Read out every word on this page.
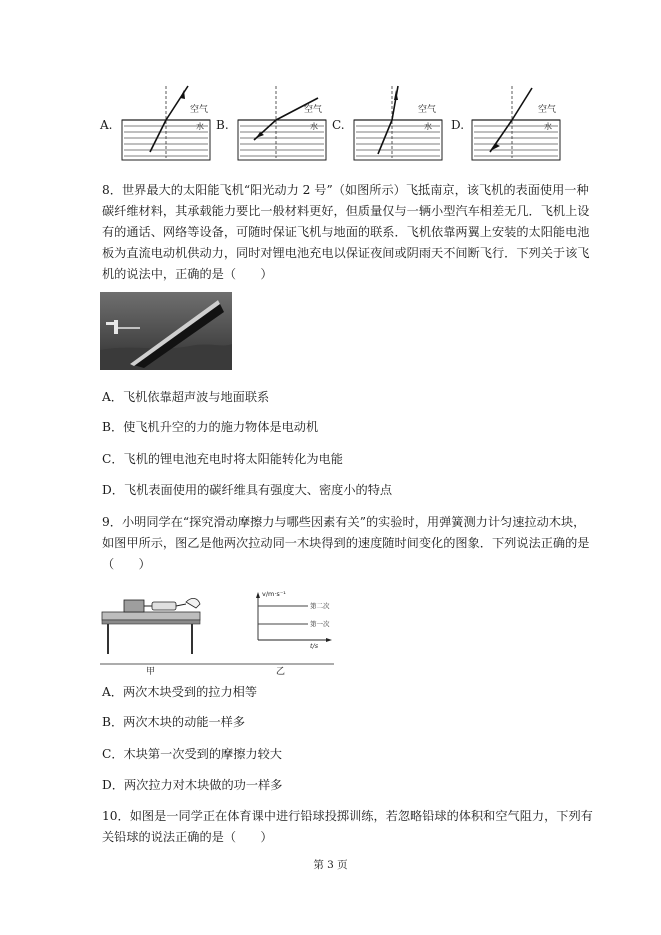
A.	B.	C.	D.
空气
水
空气
水
空气
水
空气
水
8．世界最大的太阳能飞机“阳光动力 2 号”（如图所示）飞抵南京，该飞机的表面使用一种
碳纤维材料，其承载能力要比一般材料更好，但质量仅与一辆小型汽车相差无几．飞机上设
有的通话、网络等设备，可随时保证飞机与地面的联系．飞机依靠两翼上安装的太阳能电池
板为直流电动机供动力，同时对锂电池充电以保证夜间或阴雨天不间断飞行．下列关于该飞
机的说法中，正确的是（　　）
A．飞机依靠超声波与地面联系
B．使飞机升空的力的施力物体是电动机
C．飞机的锂电池充电时将太阳能转化为电能
D．飞机表面使用的碳纤维具有强度大、密度小的特点
9．小明同学在“探究滑动摩擦力与哪些因素有关”的实验时，用弹簧测力计匀速拉动木块，
如图甲所示，图乙是他两次拉动同一木块得到的速度随时间变化的图象．下列说法正确的是
（　　）
甲
v/m·s⁻¹
t/s
第二次
第一次
乙
A．两次木块受到的拉力相等
B．两次木块的动能一样多
C．木块第一次受到的摩擦力较大
D．两次拉力对木块做的功一样多
10．如图是一同学正在体育课中进行铅球投掷训练，若忽略铅球的体积和空气阻力，下列有
关铅球的说法正确的是（　　）
第 3 页
